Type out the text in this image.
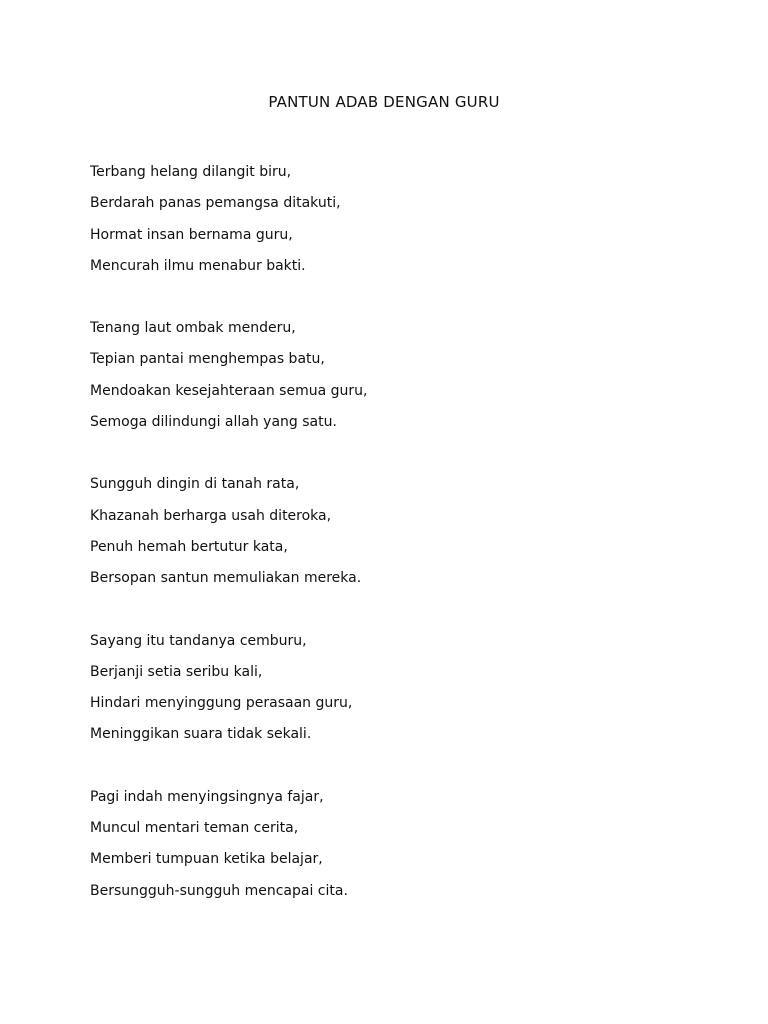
PANTUN ADAB DENGAN GURU
Terbang helang dilangit biru,
Berdarah panas pemangsa ditakuti,
Hormat insan bernama guru,
Mencurah ilmu menabur bakti.
Tenang laut ombak menderu,
Tepian pantai menghempas batu,
Mendoakan kesejahteraan semua guru,
Semoga dilindungi allah yang satu.
Sungguh dingin di tanah rata,
Khazanah berharga usah diteroka,
Penuh hemah bertutur kata,
Bersopan santun memuliakan mereka.
Sayang itu tandanya cemburu,
Berjanji setia seribu kali,
Hindari menyinggung perasaan guru,
Meninggikan suara tidak sekali.
Pagi indah menyingsingnya fajar,
Muncul mentari teman cerita,
Memberi tumpuan ketika belajar,
Bersungguh-sungguh mencapai cita.
